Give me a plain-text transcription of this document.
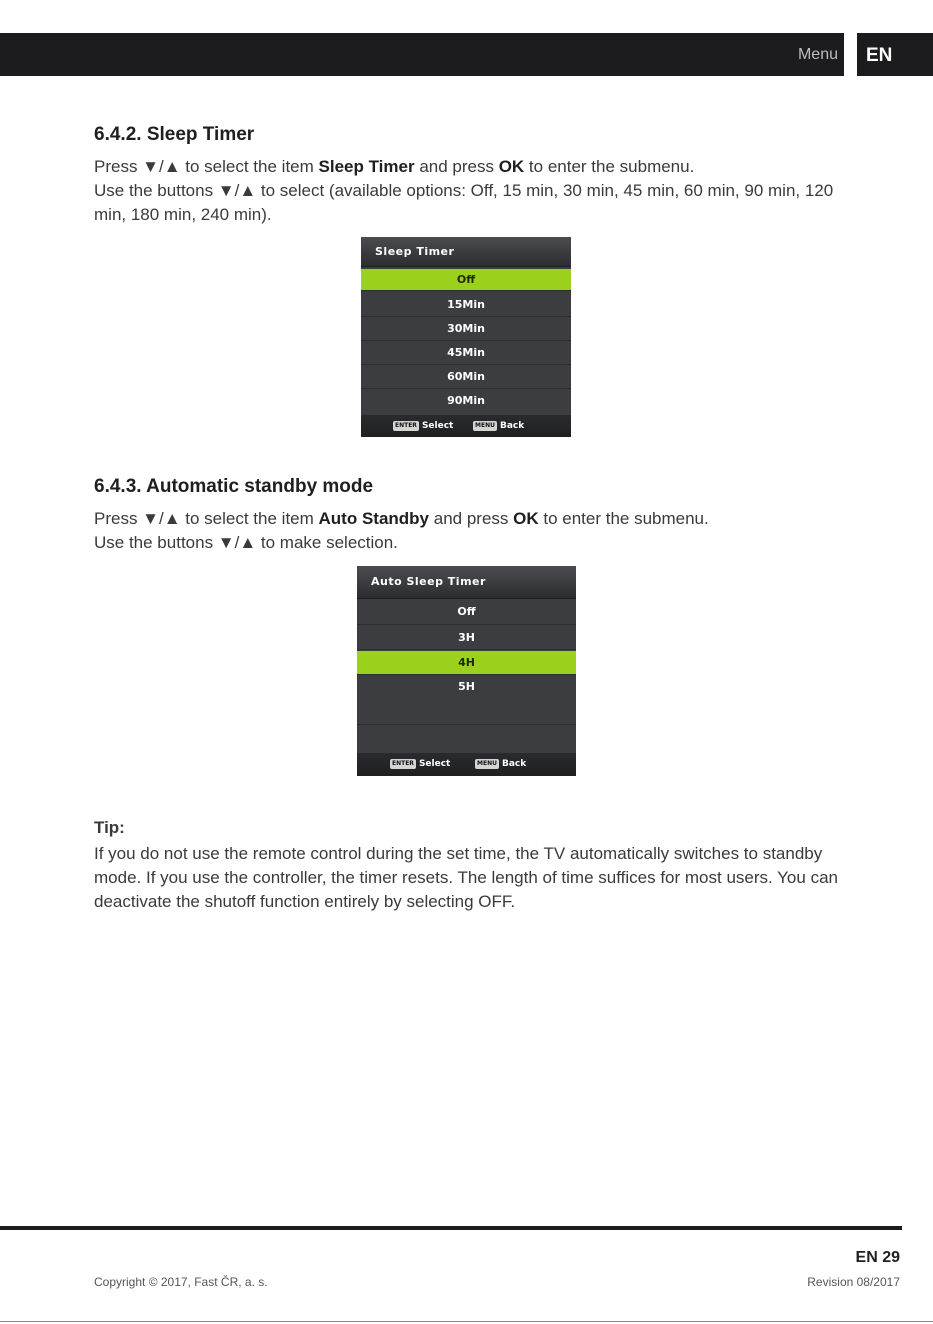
Menu	EN
6.4.2. Sleep Timer

Press ▼/▲ to select the item Sleep Timer and press OK to enter the submenu.
Use the buttons ▼/▲ to select (available options: Off, 15 min, 30 min, 45 min, 60 min, 90 min, 120 min, 180 min, 240 min).

Sleep Timer
Off
15Min
30Min
45Min
60Min
90Min
ENTER Select	MENU Back
6.4.3. Automatic standby mode

Press ▼/▲ to select the item Auto Standby and press OK to enter the submenu.
Use the buttons ▼/▲ to make selection.

Auto Sleep Timer
Off
3H
4H
5H
ENTER Select	MENU Back

Tip:

If you do not use the remote control during the set time, the TV automatically switches to standby mode. If you use the controller, the timer resets. The length of time suffices for most users. You can deactivate the shutoff function entirely by selecting OFF.

EN 29
Copyright © 2017, Fast ČR, a. s.	Revision 08/2017
